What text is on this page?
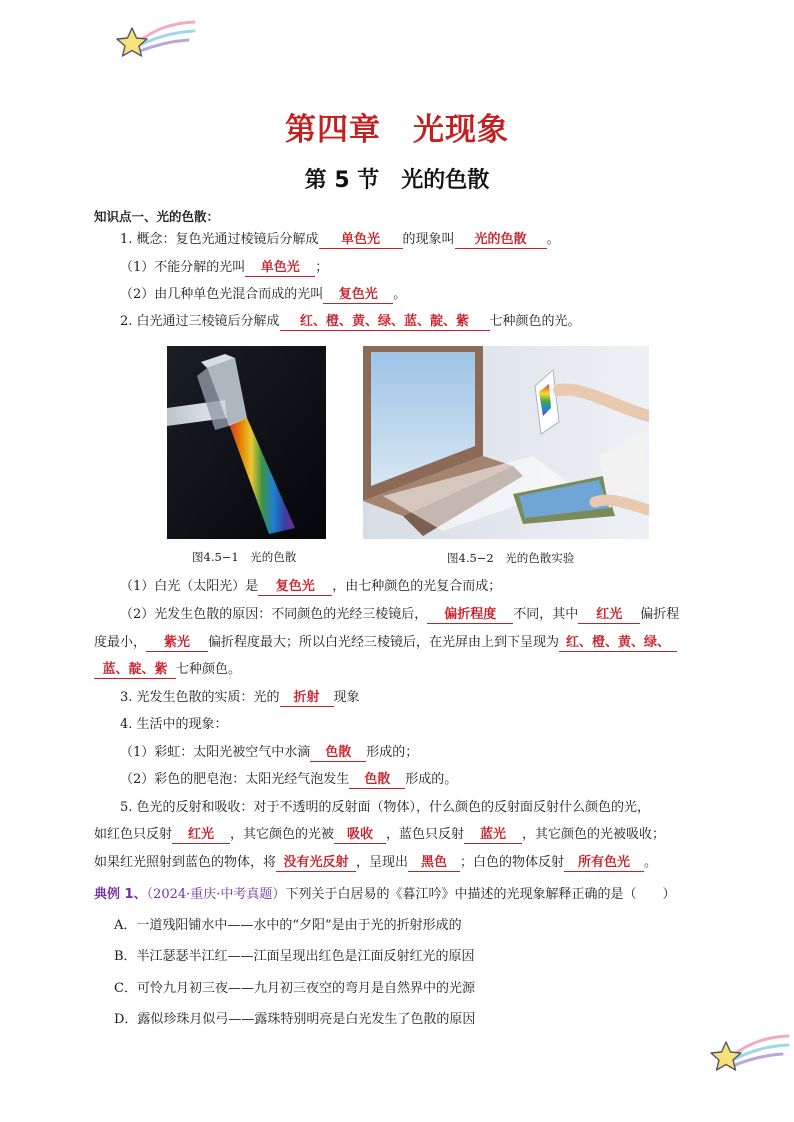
第四章　光现象
第 5 节　光的色散
知识点一、光的色散：
1. 概念：复色光通过棱镜后分解成 单色光 的现象叫 光的色散 。
（1）不能分解的光叫 单色光 ；
（2）由几种单色光混合而成的光叫 复色光 。
2. 白光通过三棱镜后分解成 红、橙、黄、绿、蓝、靛、紫 七种颜色的光。
图4.5−1　光的色散	图4.5−2　光的色散实验
（1）白光（太阳光）是 复色光 ，由七种颜色的光复合而成；
（2）光发生色散的原因：不同颜色的光经三棱镜后， 偏折程度 不同，其中 红光 偏折程
度最小， 紫光 偏折程度最大；所以白光经三棱镜后，在光屏由上到下呈现为 红、橙、黄、绿、
蓝、靛、紫 七种颜色。
3. 光发生色散的实质：光的 折射 现象
4. 生活中的现象：
（1）彩虹：太阳光被空气中水滴 色散 形成的；
（2）彩色的肥皂泡：太阳光经气泡发生 色散 形成的。
5. 色光的反射和吸收：对于不透明的反射面（物体），什么颜色的反射面反射什么颜色的光，
如红色只反射 红光 ，其它颜色的光被 吸收 ，蓝色只反射 蓝光 ，其它颜色的光被吸收；
如果红光照射到蓝色的物体，将 没有光反射 ，呈现出 黑色 ；白色的物体反射 所有色光 。
典例 1、（2024·重庆·中考真题）下列关于白居易的《暮江吟》中描述的光现象解释正确的是（　　）
A．一道残阳铺水中——水中的“夕阳”是由于光的折射形成的
B．半江瑟瑟半江红——江面呈现出红色是江面反射红光的原因
C．可怜九月初三夜——九月初三夜空的弯月是自然界中的光源
D．露似珍珠月似弓——露珠特别明亮是白光发生了色散的原因
